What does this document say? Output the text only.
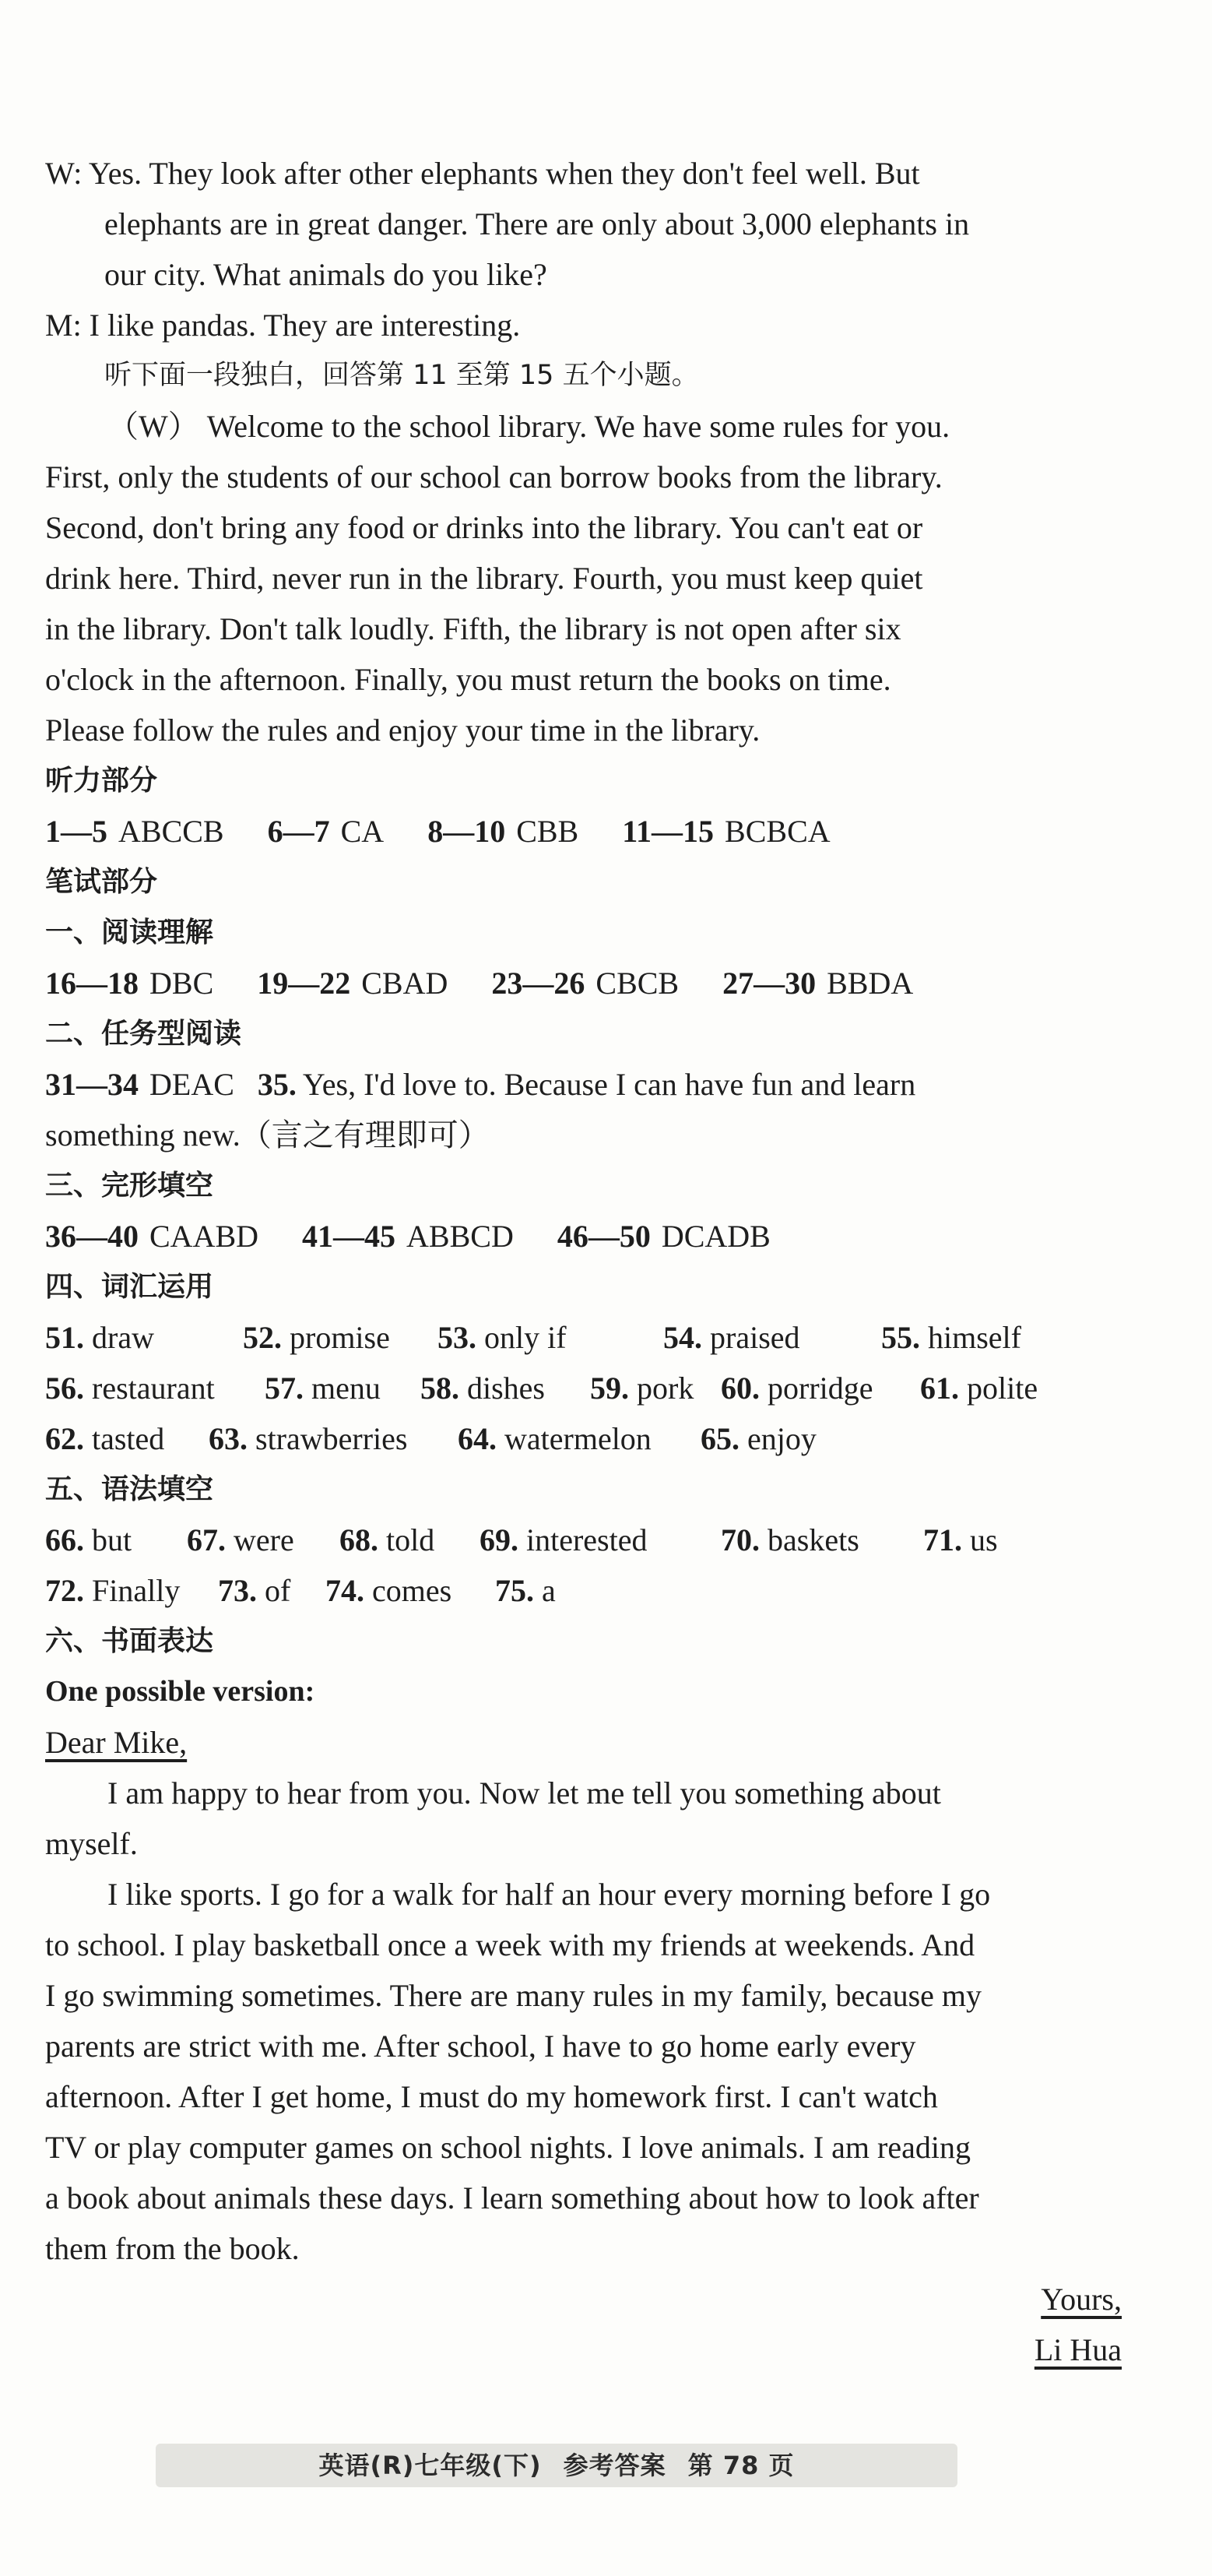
W: Yes. They look after other elephants when they don't feel well. But
elephants are in great danger. There are only about 3,000 elephants in
our city. What animals do you like?
M: I like pandas. They are interesting.
听下面一段独白，回答第 11 至第 15 五个小题。
（W） Welcome to the school library. We have some rules for you.
First, only the students of our school can borrow books from the library.
Second, don't bring any food or drinks into the library. You can't eat or
drink here. Third, never run in the library. Fourth, you must keep quiet
in the library. Don't talk loudly. Fifth, the library is not open after six
o'clock in the afternoon. Finally, you must return the books on time.
Please follow the rules and enjoy your time in the library.
听力部分
1—5 ABCCB 6—7 CA 8—10 CBB 11—15 BCBCA
笔试部分
一、阅读理解
16—18 DBC 19—22 CBAD 23—26 CBCB 27—30 BBDA
二、任务型阅读
31—34 DEAC 35. Yes, I'd love to. Because I can have fun and learn
something new.（言之有理即可）
三、完形填空
36—40 CAABD 41—45 ABBCD 46—50 DCADB
四、词汇运用
51. draw	52. promise 53. only if	54. praised	55. himself
56. restaurant 57. menu 58. dishes 59. pork 60. porridge 61. polite
62. tasted 63. strawberries 64. watermelon 65. enjoy
五、语法填空
66. but 67. were 68. told 69. interested 70. baskets 71. us
72. Finally 73. of 74. comes 75. a
六、书面表达
One possible version:
Dear Mike,
I am happy to hear from you. Now let me tell you something about
myself.
I like sports. I go for a walk for half an hour every morning before I go
to school. I play basketball once a week with my friends at weekends. And
I go swimming sometimes. There are many rules in my family, because my
parents are strict with me. After school, I have to go home early every
afternoon. After I get home, I must do my homework first. I can't watch
TV or play computer games on school nights. I love animals. I am reading
a book about animals these days. I learn something about how to look after
them from the book.
Yours,
Li Hua
英语(R)七年级(下) 参考答案 第 78 页
